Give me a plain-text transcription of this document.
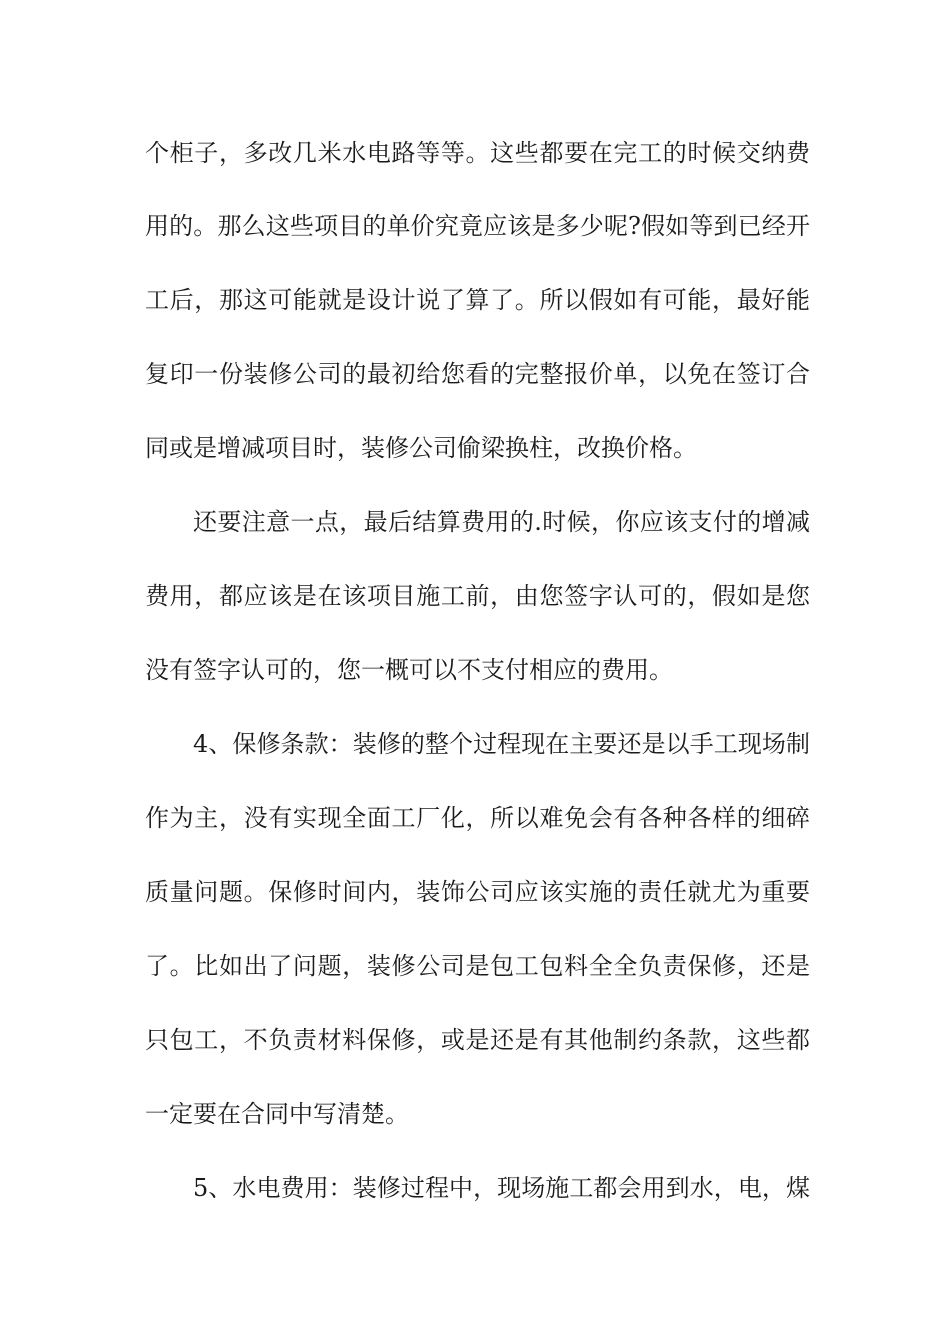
个柜子，多改几米水电路等等。这些都要在完工的时候交纳费
用的。那么这些项目的单价究竟应该是多少呢?假如等到已经开
工后，那这可能就是设计说了算了。所以假如有可能，最好能
复印一份装修公司的最初给您看的完整报价单，以免在签订合
同或是增减项目时，装修公司偷梁换柱，改换价格。
还要注意一点，最后结算费用的.时候，你应该支付的增减
费用，都应该是在该项目施工前，由您签字认可的，假如是您
没有签字认可的，您一概可以不支付相应的费用。
4、保修条款：装修的整个过程现在主要还是以手工现场制
作为主，没有实现全面工厂化，所以难免会有各种各样的细碎
质量问题。保修时间内，装饰公司应该实施的责任就尤为重要
了。比如出了问题，装修公司是包工包料全全负责保修，还是
只包工，不负责材料保修，或是还是有其他制约条款，这些都
一定要在合同中写清楚。
5、水电费用：装修过程中，现场施工都会用到水，电，煤
